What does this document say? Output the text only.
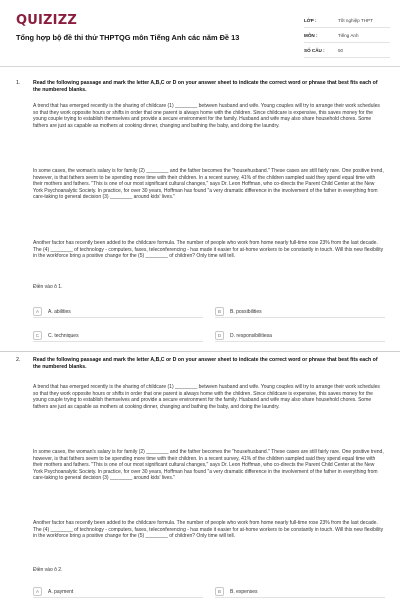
QUIZIZZ
Tổng hợp bộ đề thi thử THPTQG môn Tiếng Anh các năm Đề 13
LỚP :	Tốt nghiệp THPT
MÔN :	Tiếng Anh
SỐ CÂU :	50
1. Read the following passage and mark the letter A,B,C or D on your answer sheet to indicate the correct word or phrase that best fits each of the numbered blanks.
A trend that has emerged recently is the sharing of childcare (1) ________ between husband and wife. Young couples will try to arrange their work schedules so that they work opposite hours or shifts in order that one parent is always home with the children. Since childcare is expensive, this saves money for the young couple trying to establish themselves and provide a secure environment for the family. Husband and wife may also share household chores. Some fathers are just as capable as mothers at cooking dinner, changing and bathing the baby, and doing the laundry.
In some cases, the woman's salary is for family (2) ________ and the father becomes the "househusband." These cases are still fairly rare. One positive trend, however, is that fathers seem to be spending more time with their children. In a recent survey, 41% of the children sampled said they spend equal time with their mothers and fathers. "This is one of our most significant cultural changes," says Dr. Leon Hoffman, who co-directs the Parent Child Center at the New York Psychoanalytic Society. In practice, for over 30 years, Hoffman has found "a very dramatic difference in the involvement of the father in everything from care-taking to general decision (3) ________ around kids' lives."
Another factor has recently been added to the childcare formula. The number of people who work from home nearly full-time rose 23% from the last decade. The (4) ________ of technology - computers, faxes, teleconferencing - has made it easier for at-home workers to be constantly in touch. Will this new flexibility in the workforce bring a positive change for the (5) ________ of children? Only time will tell.
Điền vào ô 1.
A	A. abilities	B	B. possibilities
C	C. techniques	D	D. responsibilitiesa
2. Read the following passage and mark the letter A,B,C or D on your answer sheet to indicate the correct word or phrase that best fits each of the numbered blanks.
A trend that has emerged recently is the sharing of childcare (1) ________ between husband and wife. Young couples will try to arrange their work schedules so that they work opposite hours or shifts in order that one parent is always home with the children. Since childcare is expensive, this saves money for the young couple trying to establish themselves and provide a secure environment for the family. Husband and wife may also share household chores. Some fathers are just as capable as mothers at cooking dinner, changing and bathing the baby, and doing the laundry.
In some cases, the woman's salary is for family (2) ________ and the father becomes the "househusband." These cases are still fairly rare. One positive trend, however, is that fathers seem to be spending more time with their children. In a recent survey, 41% of the children sampled said they spend equal time with their mothers and fathers. "This is one of our most significant cultural changes," says Dr. Leon Hoffman, who co-directs the Parent Child Center at the New York Psychoanalytic Society. In practice, for over 30 years, Hoffman has found "a very dramatic difference in the involvement of the father in everything from care-taking to general decision (3) ________ around kids' lives."
Another factor has recently been added to the childcare formula. The number of people who work from home nearly full-time rose 23% from the last decade. The (4) ________ of technology - computers, faxes, teleconferencing - has made it easier for at-home workers to be constantly in touch. Will this new flexibility in the workforce bring a positive change for the (5) ________ of children? Only time will tell.
Điền vào ô 2.
A	A. payment	B	B. expenses
